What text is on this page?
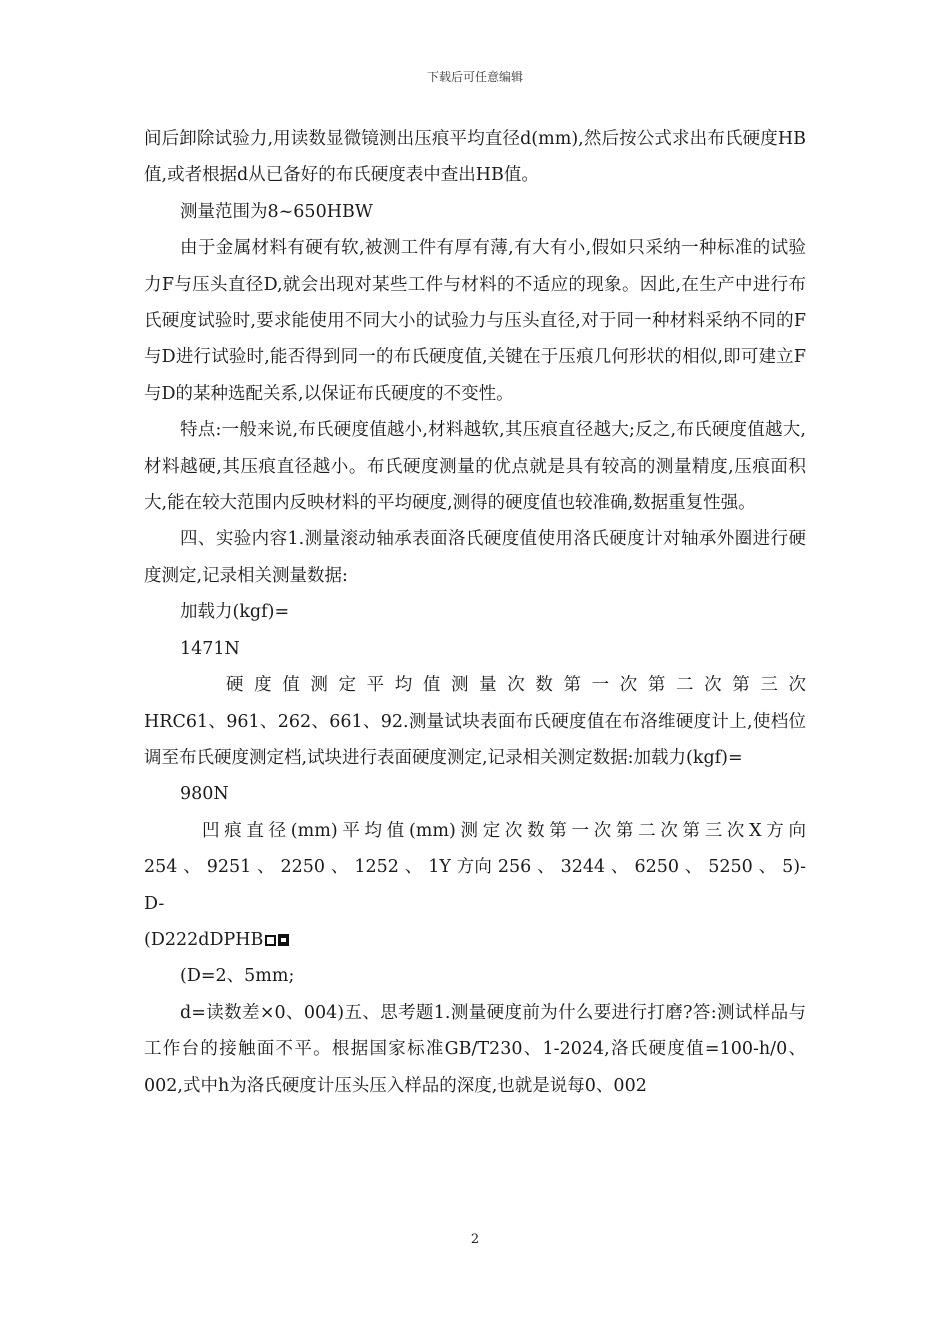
下载后可任意编辑

间后卸除试验力,用读数显微镜测出压痕平均直径d(mm),然后按公式求出布氏硬度HB值,或者根据d从已备好的布氏硬度表中查出HB值。

测量范围为8~650HBW

由于金属材料有硬有软,被测工件有厚有薄,有大有小,假如只采纳一种标准的试验力F与压头直径D,就会出现对某些工件与材料的不适应的现象。因此,在生产中进行布氏硬度试验时,要求能使用不同大小的试验力与压头直径,对于同一种材料采纳不同的F与D进行试验时,能否得到同一的布氏硬度值,关键在于压痕几何形状的相似,即可建立F与D的某种选配关系,以保证布氏硬度的不变性。

特点:一般来说,布氏硬度值越小,材料越软,其压痕直径越大;反之,布氏硬度值越大,材料越硬,其压痕直径越小。布氏硬度测量的优点就是具有较高的测量精度,压痕面积大,能在较大范围内反映材料的平均硬度,测得的硬度值也较准确,数据重复性强。

四、实验内容1.测量滚动轴承表面洛氏硬度值使用洛氏硬度计对轴承外圈进行硬度测定,记录相关测量数据:

加载力(kgf)=

1471N

硬度值测定平均值测量次数第一次第二次第三次

HRC61、961、262、661、92.测量试块表面布氏硬度值在布洛维硬度计上,使档位调至布氏硬度测定档,试块进行表面硬度测定,记录相关测定数据:加载力(kgf)=

980N

凹痕直径(mm)平均值(mm)测定次数第一次第二次第三次X方向

254 、 9251 、 2250 、 1252 、 1Y 方向 256 、 3244 、 6250 、 5250 、 5)-D-

(D222dDPHB

(D=2、5mm;

d=读数差×0、004)五、思考题1.测量硬度前为什么要进行打磨?答:测试样品与工作台的接触面不平。根据国家标准GB/T230、1-2024,洛氏硬度值=100-h/0、002,式中h为洛氏硬度计压头压入样品的深度,也就是说每0、002

2
